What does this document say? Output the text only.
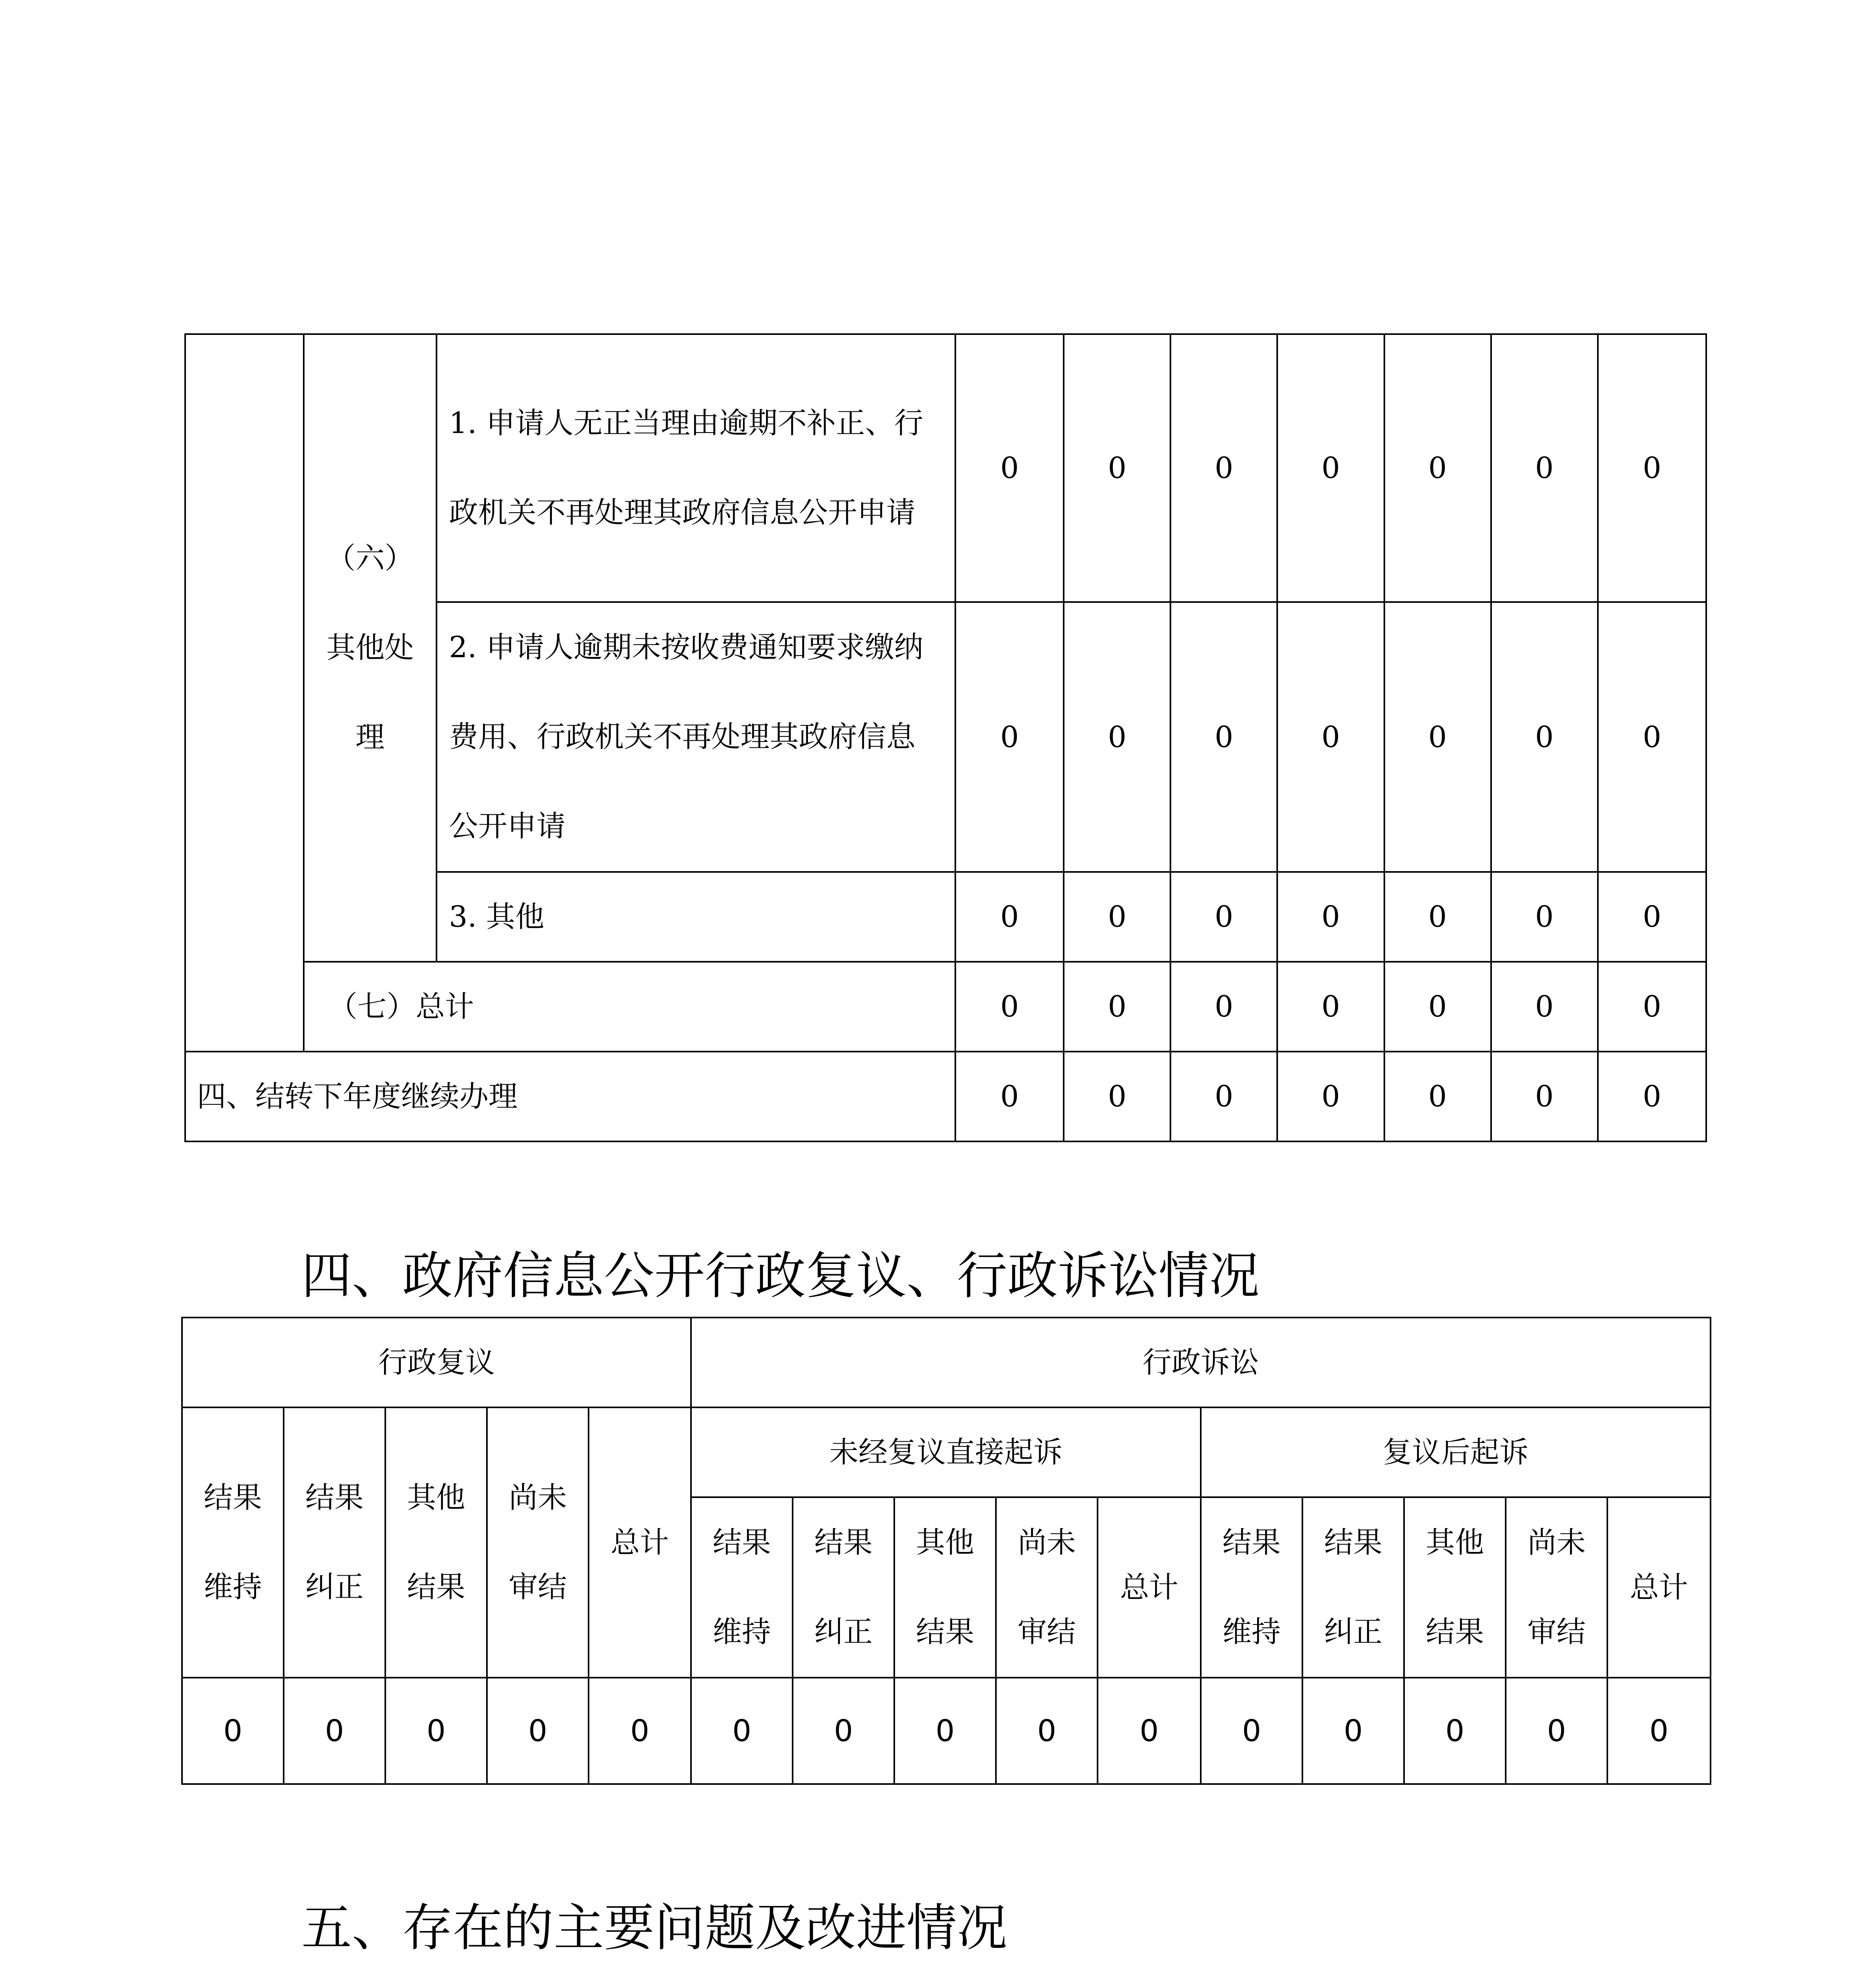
	（六）其他处理	1. 申请人无正当理由逾期不补正、行政机关不再处理其政府信息公开申请	0	0	0	0	0	0	0
		2. 申请人逾期未按收费通知要求缴纳费用、行政机关不再处理其政府信息公开申请	0	0	0	0	0	0	0
		3. 其他	0	0	0	0	0	0	0
	（七）总计		0	0	0	0	0	0	0
四、结转下年度继续办理			0	0	0	0	0	0	0
四、政府信息公开行政复议、行政诉讼情况
行政复议					行政诉讼									

结果维持	结果纠正	其他结果	尚未审结	总计	未经复议直接起诉					复议后起诉				

					结果维持	结果纠正	其他结果	尚未审结	总计	结果维持	结果纠正	其他结果	尚未审结	总计

0	0	0	0	0	0	0	0	0	0	0	0	0	0	0
五、存在的主要问题及改进情况
